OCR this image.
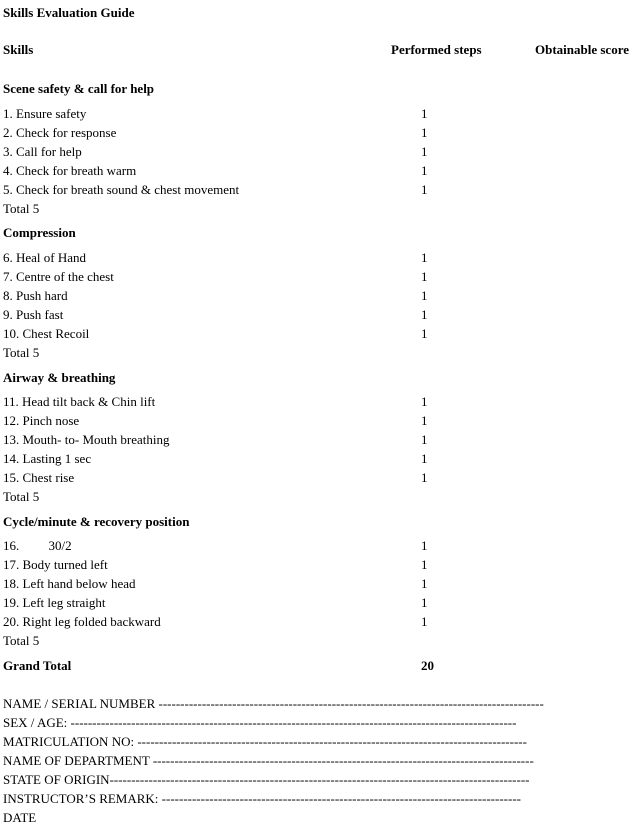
Skills Evaluation Guide
Skills	Performed steps	Obtainable score
Scene safety & call for help
1. Ensure safety	1
2. Check for response	1
3. Call for help	1
4. Check for breath warm	1
5. Check for breath sound & chest movement	1
Total 5
Compression
6. Heal of Hand	1
7. Centre of the chest	1
8. Push hard	1
9. Push fast	1
10. Chest Recoil	1
Total 5
Airway & breathing
11. Head tilt back & Chin lift	1
12. Pinch nose	1
13. Mouth- to- Mouth breathing	1
14. Lasting 1 sec	1
15. Chest rise	1
Total 5
Cycle/minute & recovery position
16.         30/2	1
17. Body turned left	1
18. Left hand below head	1
19. Left leg straight	1
20. Right leg folded backward	1
Total 5
Grand Total	20
NAME / SERIAL NUMBER -----------------------------------------------------------------------------------------
SEX / AGE: -------------------------------------------------------------------------------------------------------
MATRICULATION NO: ------------------------------------------------------------------------------------------
NAME OF DEPARTMENT ----------------------------------------------------------------------------------------
STATE OF ORIGIN-------------------------------------------------------------------------------------------------
INSTRUCTOR’S REMARK: -----------------------------------------------------------------------------------
DATE
